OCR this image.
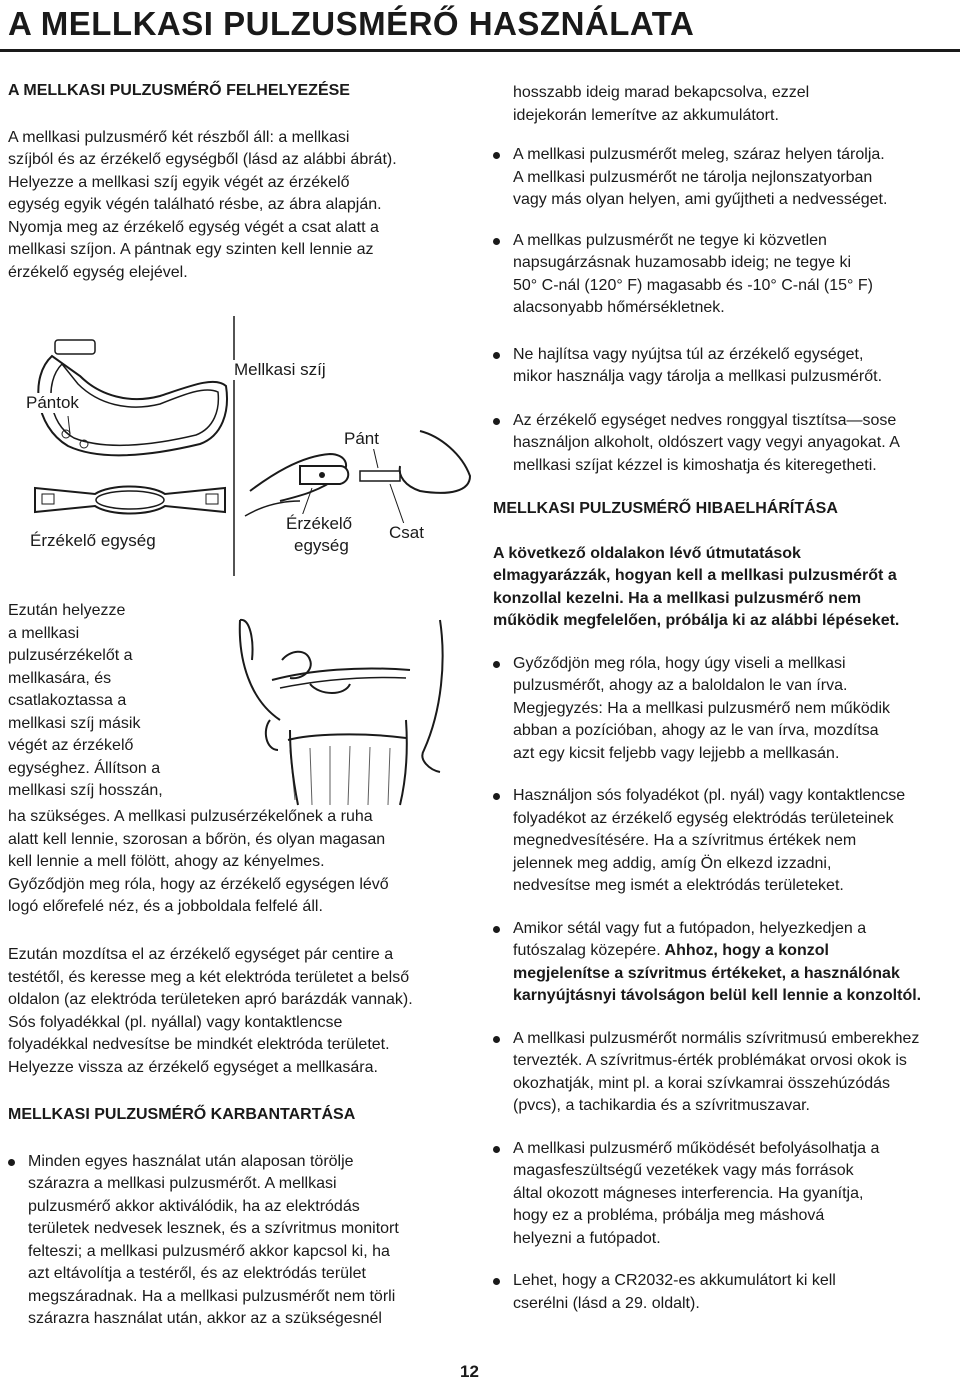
A MELLKASI PULZUSMÉRŐ HASZNÁLATA

A MELLKASI PULZUSMÉRŐ FELHELYEZÉSE

A mellkasi pulzusmérő két részből áll: a mellkasi

szíjból és az érzékelő egységből (lásd az alábbi ábrát).

Helyezze a mellkasi szíj egyik végét az érzékelő

egység egyik végén található résbe, az ábra alapján.

Nyomja meg az érzékelő egység végét a csat alatt a

mellkasi szíjon. A pántnak egy szinten kell lennie az

érzékelő egység elejével.

Pántok
Mellkasi szíj
Pánt
Érzékelő egység
Érzékelő
egység
Csat

Ezután helyezze

a mellkasi

pulzusérzékelőt a

mellkasára, és

csatlakoztassa a

mellkasi szíj másik

végét az érzékelő

egységhez. Állítson a

mellkasi szíj hosszán,

ha szükséges. A mellkasi pulzusérzékelőnek a ruha

alatt kell lennie, szorosan a bőrön, és olyan magasan

kell lennie a mell fölött, ahogy az kényelmes.

Győződjön meg róla, hogy az érzékelő egységen lévő

logó előrefelé néz, és a jobboldala felfelé áll.

Ezután mozdítsa el az érzékelő egységet pár centire a

testétől, és keresse meg a két elektróda területet a belső

oldalon (az elektróda területeken apró barázdák vannak).

Sós folyadékkal (pl. nyállal) vagy kontaktlencse

folyadékkal nedvesítse be mindkét elektróda területet.

Helyezze vissza az érzékelő egységet a mellkasára.

MELLKASI PULZUSMÉRŐ KARBANTARTÁSA

Minden egyes használat után alaposan törölje

szárazra a mellkasi pulzusmérőt. A mellkasi

pulzusmérő akkor aktiválódik, ha az elektródás

területek nedvesek lesznek, és a szívritmus monitort

felteszi; a mellkasi pulzusmérő akkor kapcsol ki, ha

azt eltávolítja a testéről, és az elektródás terület

megszáradnak. Ha a mellkasi pulzusmérőt nem törli

szárazra használat után, akkor az a szükségesnél

hosszabb ideig marad bekapcsolva, ezzel

idejekorán lemerítve az akkumulátort.

A mellkasi pulzusmérőt meleg, száraz helyen tárolja.

A mellkasi pulzusmérőt ne tárolja nejlonszatyorban

vagy más olyan helyen, ami gyűjtheti a nedvességet.

A mellkas pulzusmérőt ne tegye ki közvetlen

napsugárzásnak huzamosabb ideig; ne tegye ki

50° C-nál (120° F) magasabb és -10° C-nál (15° F)

alacsonyabb hőmérsékletnek.

Ne hajlítsa vagy nyújtsa túl az érzékelő egységet,

mikor használja vagy tárolja a mellkasi pulzusmérőt.

Az érzékelő egységet nedves ronggyal tisztítsa—sose

használjon alkoholt, oldószert vagy vegyi anyagokat. A

mellkasi szíjat kézzel is kimoshatja és kiteregetheti.

MELLKASI PULZUSMÉRŐ HIBAELHÁRÍTÁSA

A következő oldalakon lévő útmutatások

elmagyarázzák, hogyan kell a mellkasi pulzusmérőt a

konzollal kezelni. Ha a mellkasi pulzusmérő nem

működik megfelelően, próbálja ki az alábbi lépéseket.

Győződjön meg róla, hogy úgy viseli a mellkasi

pulzusmérőt, ahogy az a baloldalon le van írva.

Megjegyzés: Ha a mellkasi pulzusmérő nem működik

abban a pozícióban, ahogy az le van írva, mozdítsa

azt egy kicsit feljebb vagy lejjebb a mellkasán.

Használjon sós folyadékot (pl. nyál) vagy kontaktlencse

folyadékot az érzékelő egység elektródás területeinek

megnedvesítésére. Ha a szívritmus értékek nem

jelennek meg addig, amíg Ön elkezd izzadni,

nedvesítse meg ismét a elektródás területeket.

Amikor sétál vagy fut a futópadon, helyezkedjen a

futószalag közepére. Ahhoz, hogy a konzol

megjelenítse a szívritmus értékeket, a használónak

karnyújtásnyi távolságon belül kell lennie a konzoltól.

A mellkasi pulzusmérőt normális szívritmusú emberekhez

tervezték. A szívritmus-érték problémákat orvosi okok is

okozhatják, mint pl. a korai szívkamrai összehúzódás

(pvcs), a tachikardia és a szívritmuszavar.

A mellkasi pulzusmérő működését befolyásolhatja a

magasfeszültségű vezetékek vagy más források

által okozott mágneses interferencia. Ha gyanítja,

hogy ez a probléma, próbálja meg máshová

helyezni a futópadot.

Lehet, hogy a CR2032-es akkumulátort ki kell

cserélni (lásd a 29. oldalt).

12
